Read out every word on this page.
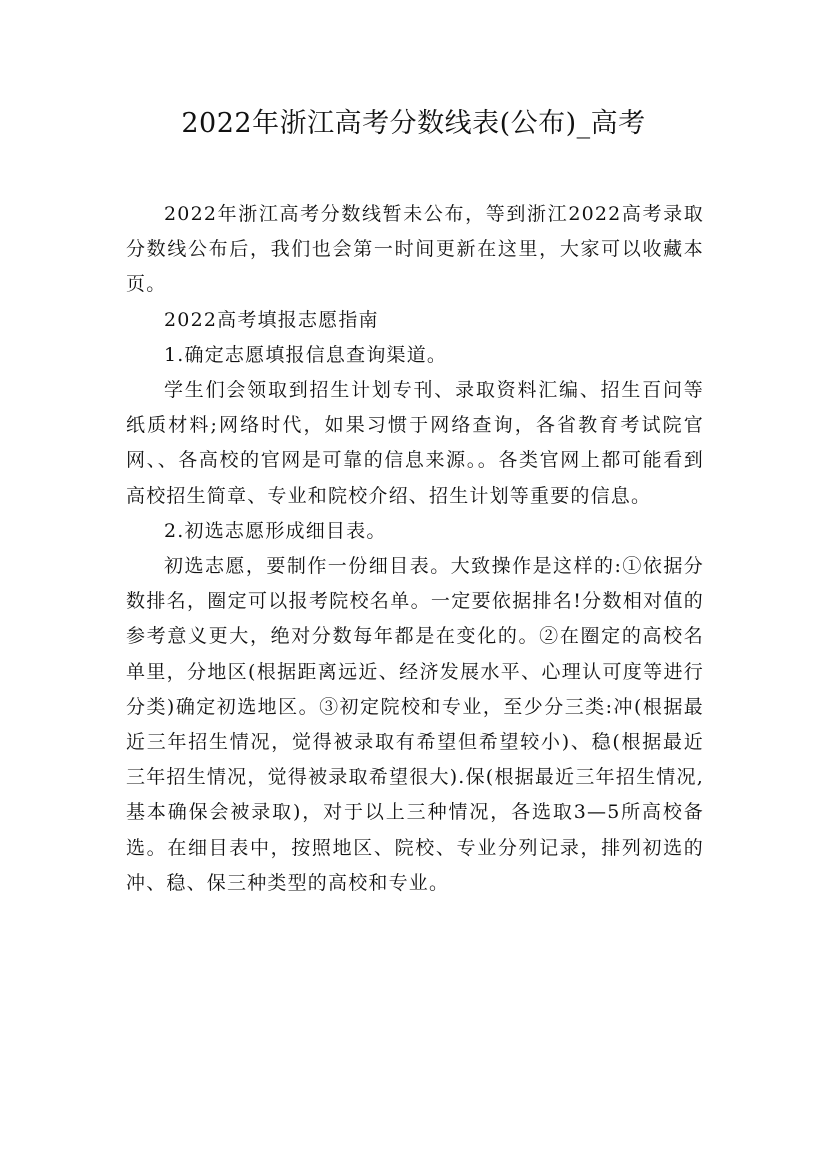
2022年浙江高考分数线表(公布)_高考

2022年浙江高考分数线暂未公布，等到浙江2022高考录取分数线公布后，我们也会第一时间更新在这里，大家可以收藏本页。

2022高考填报志愿指南

1.确定志愿填报信息查询渠道。

学生们会领取到招生计划专刊、录取资料汇编、招生百问等纸质材料;网络时代，如果习惯于网络查询，各省教育考试院官网、、各高校的官网是可靠的信息来源。。各类官网上都可能看到高校招生简章、专业和院校介绍、招生计划等重要的信息。

2.初选志愿形成细目表。

初选志愿，要制作一份细目表。大致操作是这样的:①依据分数排名，圈定可以报考院校名单。一定要依据排名!分数相对值的参考意义更大，绝对分数每年都是在变化的。②在圈定的高校名单里，分地区(根据距离远近、经济发展水平、心理认可度等进行分类)确定初选地区。③初定院校和专业，至少分三类:冲(根据最近三年招生情况，觉得被录取有希望但希望较小)、稳(根据最近三年招生情况，觉得被录取希望很大).保(根据最近三年招生情况,基本确保会被录取)，对于以上三种情况，各选取3—5所高校备选。在细目表中，按照地区、院校、专业分列记录，排列初选的冲、稳、保三种类型的高校和专业。
